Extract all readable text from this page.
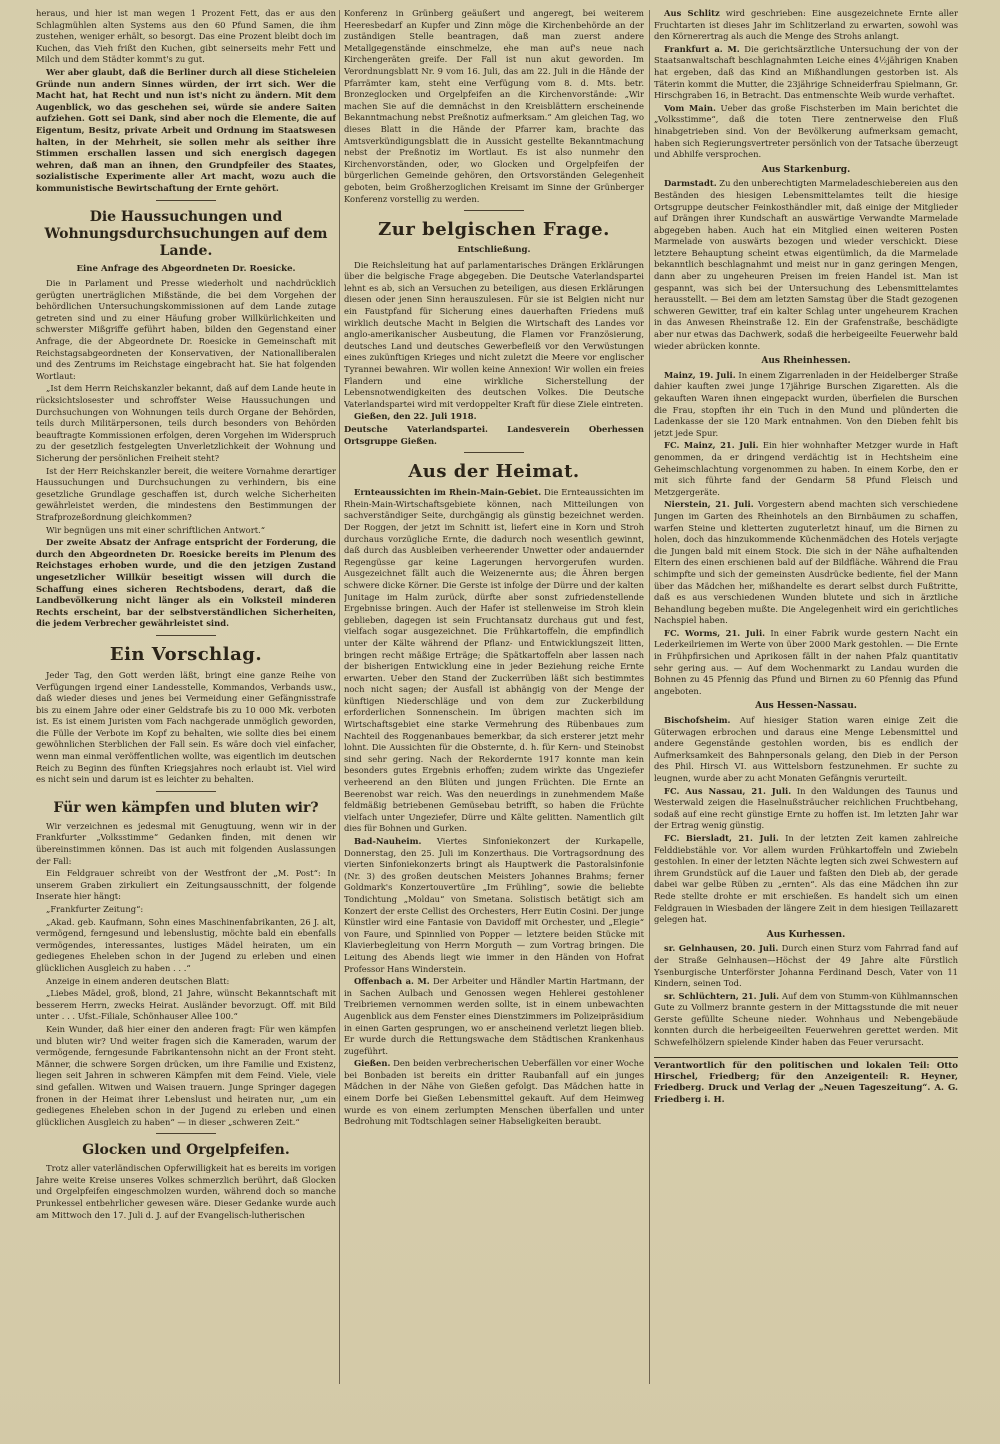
heraus, und hier ist man wegen 1 Prozent Fett, das er aus den Schlagmühlen alten Systems aus den 60 Pfund Samen, die ihm zustehen, weniger erhält, so besorgt. Das eine Prozent bleibt doch im Kuchen, das Vieh frißt den Kuchen, gibt seinerseits mehr Fett und Milch und dem Städter kommt's zu gut.

Wer aber glaubt, daß die Berliner durch all diese Sticheleien Gründe nun andern Sinnes würden, der irrt sich. Wer die Macht hat, hat Recht und nun ist's nicht zu ändern. Mit dem Augenblick, wo das geschehen sei, würde sie andere Saiten aufziehen. Gott sei Dank, sind aber noch die Elemente, die auf Eigentum, Besitz, private Arbeit und Ordnung im Staatswesen halten, in der Mehrheit, sie sollen mehr als seither ihre Stimmen erschallen lassen und sich energisch dagegen wehren, daß man an ihnen, den Grundpfeiler des Staates, sozialistische Experimente aller Art macht, wozu auch die kommunistische Bewirtschaftung der Ernte gehört.

Die Haussuchungen und Wohnungsdurchsuchungen auf dem Lande.
Eine Anfrage des Abgeordneten Dr. Roesicke.

Die in Parlament und Presse wiederholt und nachdrücklich gerügten unerträglichen Mißstände, die bei dem Vorgehen der behördlichen Untersuchungskommissionen auf dem Lande zutage getreten sind und zu einer Häufung grober Willkürlichkeiten und schwerster Mißgriffe geführt haben, bilden den Gegenstand einer Anfrage, die der Abgeordnete Dr. Roesicke in Gemeinschaft mit Reichstagsabgeordneten der Konservativen, der Nationalliberalen und des Zentrums im Reichstage eingebracht hat. Sie hat folgenden Wortlaut:

„Ist dem Herrn Reichskanzler bekannt, daß auf dem Lande heute in rücksichtslosester und schroffster Weise Haussuchungen und Durchsuchungen von Wohnungen teils durch Organe der Behörden, teils durch Militärpersonen, teils durch besonders von Behörden beauftragte Kommissionen erfolgen, deren Vorgehen im Widerspruch zu der gesetzlich festgelegten Unverletzlichkeit der Wohnung und Sicherung der persönlichen Freiheit steht?

Ist der Herr Reichskanzler bereit, die weitere Vornahme derartiger Haussuchungen und Durchsuchungen zu verhindern, bis eine gesetzliche Grundlage geschaffen ist, durch welche Sicherheiten gewährleistet werden, die mindestens den Bestimmungen der Strafprozeßordnung gleichkommen?

Wir begnügen uns mit einer schriftlichen Antwort.“

Der zweite Absatz der Anfrage entspricht der Forderung, die durch den Abgeordneten Dr. Roesicke bereits im Plenum des Reichstages erhoben wurde, und die den jetzigen Zustand ungesetzlicher Willkür beseitigt wissen will durch die Schaffung eines sicheren Rechtsbodens, derart, daß die Landbevölkerung nicht länger als ein Volksteil minderen Rechts erscheint, bar der selbstverständlichen Sicherheiten, die jedem Verbrecher gewährleistet sind.

Ein Vorschlag.

Jeder Tag, den Gott werden läßt, bringt eine ganze Reihe von Verfügungen irgend einer Landesstelle, Kommandos, Verbands usw., daß wieder dieses und jenes bei Vermeidung einer Gefängnisstrafe bis zu einem Jahre oder einer Geldstrafe bis zu 10 000 Mk. verboten ist. Es ist einem Juristen vom Fach nachgerade unmöglich geworden, die Fülle der Verbote im Kopf zu behalten, wie sollte dies bei einem gewöhnlichen Sterblichen der Fall sein. Es wäre doch viel einfacher, wenn man einmal veröffentlichen wollte, was eigentlich im deutschen Reich zu Beginn des fünften Kriegsjahres noch erlaubt ist. Viel wird es nicht sein und darum ist es leichter zu behalten.

Für wen kämpfen und bluten wir?

Wir verzeichnen es jedesmal mit Genugtuung, wenn wir in der Frankfurter „Volksstimme“ Gedanken finden, mit denen wir übereinstimmen können. Das ist auch mit folgenden Auslassungen der Fall:

Ein Feldgrauer schreibt von der Westfront der „M. Post“: In unserem Graben zirkuliert ein Zeitungsausschnitt, der folgende Inserate hier hängt:

„Frankfurter Zeitung“:

„Akad. geb. Kaufmann, Sohn eines Maschinenfabrikanten, 26 J. alt, vermögend, ferngesund und lebenslustig, möchte bald ein ebenfalls vermögendes, interessantes, lustiges Mädel heiraten, um ein gediegenes Eheleben schon in der Jugend zu erleben und einen glücklichen Ausgleich zu haben . . .“

Anzeige in einem anderen deutschen Blatt:

„Liebes Mädel, groß, blond, 21 Jahre, wünscht Bekanntschaft mit besserem Herrn, zwecks Heirat. Ausländer bevorzugt. Off. mit Bild unter . . . Ufst.-Filiale, Schönhauser Allee 100.“

Kein Wunder, daß hier einer den anderen fragt: Für wen kämpfen und bluten wir? Und weiter fragen sich die Kameraden, warum der vermögende, ferngesunde Fabrikantensohn nicht an der Front steht. Männer, die schwere Sorgen drücken, um ihre Familie und Existenz, liegen seit Jahren in schweren Kämpfen mit dem Feind. Viele, viele sind gefallen. Witwen und Waisen trauern. Junge Springer dagegen fronen in der Heimat ihrer Lebenslust und heiraten nur, „um ein gediegenes Eheleben schon in der Jugend zu erleben und einen glücklichen Ausgleich zu haben“ — in dieser „schweren Zeit.“

Glocken und Orgelpfeifen.

Trotz aller vaterländischen Opferwilligkeit hat es bereits im vorigen Jahre weite Kreise unseres Volkes schmerzlich berührt, daß Glocken und Orgelpfeifen eingeschmolzen wurden, während doch so manche Prunkessel entbehrlicher gewesen wäre. Dieser Gedanke wurde auch am Mittwoch den 17. Juli d. J. auf der Evangelisch-lutherischen

Konferenz in Grünberg geäußert und angeregt, bei weiterem Heeresbedarf an Kupfer und Zinn möge die Kirchenbehörde an der zuständigen Stelle beantragen, daß man zuerst andere Metallgegenstände einschmelze, ehe man auf's neue nach Kirchengeräten greife. Der Fall ist nun akut geworden. Im Verordnungsblatt Nr. 9 vom 16. Juli, das am 22. Juli in die Hände der Pfarrämter kam, steht eine Verfügung vom 8. d. Mts. betr. Bronzeglocken und Orgelpfeifen an die Kirchenvorstände: „Wir machen Sie auf die demnächst in den Kreisblättern erscheinende Bekanntmachung nebst Preßnotiz aufmerksam.“ Am gleichen Tag, wo dieses Blatt in die Hände der Pfarrer kam, brachte das Amtsverkündigungsblatt die in Aussicht gestellte Bekanntmachung nebst der Preßnotiz im Wortlaut. Es ist also nunmehr den Kirchenvorständen, oder, wo Glocken und Orgelpfeifen der bürgerlichen Gemeinde gehören, den Ortsvorständen Gelegenheit geboten, beim Großherzoglichen Kreisamt im Sinne der Grünberger Konferenz vorstellig zu werden.

Zur belgischen Frage.
Entschließung.

Die Reichsleitung hat auf parlamentarisches Drängen Erklärungen über die belgische Frage abgegeben. Die Deutsche Vaterlandspartei lehnt es ab, sich an Versuchen zu beteiligen, aus diesen Erklärungen diesen oder jenen Sinn herauszulesen. Für sie ist Belgien nicht nur ein Faustpfand für Sicherung eines dauerhaften Friedens muß wirklich deutsche Macht in Belgien die Wirtschaft des Landes vor anglo-amerikanischer Ausbeutung, die Flamen vor Französierung, deutsches Land und deutsches Gewerbefleiß vor den Verwüstungen eines zukünftigen Krieges und nicht zuletzt die Meere vor englischer Tyrannei bewahren. Wir wollen keine Annexion! Wir wollen ein freies Flandern und eine wirkliche Sicherstellung der Lebensnotwendigkeiten des deutschen Volkes. Die Deutsche Vaterlandspartei wird mit verdoppelter Kraft für diese Ziele eintreten.

Gießen, den 22. Juli 1918.

Deutsche Vaterlandspartei. Landesverein Oberhessen Ortsgruppe Gießen.

Aus der Heimat.

Ernteaussichten im Rhein-Main-Gebiet. Die Ernteaussichten im Rhein-Main-Wirtschaftsgebiete können, nach Mitteilungen von sachverständiger Seite, durchgängig als günstig bezeichnet werden. Der Roggen, der jetzt im Schnitt ist, liefert eine in Korn und Stroh durchaus vorzügliche Ernte, die dadurch noch wesentlich gewinnt, daß durch das Ausbleiben verheerender Unwetter oder andauernder Regengüsse gar keine Lagerungen hervorgerufen wurden. Ausgezeichnet fällt auch die Weizenernte aus; die Ähren bergen schwere dicke Körner. Die Gerste ist infolge der Dürre und der kalten Junitage im Halm zurück, dürfte aber sonst zufriedenstellende Ergebnisse bringen. Auch der Hafer ist stellenweise im Stroh klein geblieben, dagegen ist sein Fruchtansatz durchaus gut und fest, vielfach sogar ausgezeichnet. Die Frühkartoffeln, die empfindlich unter der Kälte während der Pflanz- und Entwicklungszeit litten, bringen recht mäßige Erträge; die Spätkartoffeln aber lassen nach der bisherigen Entwicklung eine in jeder Beziehung reiche Ernte erwarten. Ueber den Stand der Zuckerrüben läßt sich bestimmtes noch nicht sagen; der Ausfall ist abhängig von der Menge der künftigen Niederschläge und von dem zur Zuckerbildung erforderlichen Sonnenschein. Im übrigen machten sich im Wirtschaftsgebiet eine starke Vermehrung des Rübenbaues zum Nachteil des Roggenanbaues bemerkbar, da sich ersterer jetzt mehr lohnt. Die Aussichten für die Obsternte, d. h. für Kern- und Steinobst sind sehr gering. Nach der Rekordernte 1917 konnte man kein besonders gutes Ergebnis erhoffen; zudem wirkte das Ungeziefer verheerend an den Blüten und jungen Früchten. Die Ernte an Beerenobst war reich. Was den neuerdings in zunehmendem Maße feldmäßig betriebenen Gemüsebau betrifft, so haben die Früchte vielfach unter Ungeziefer, Dürre und Kälte gelitten. Namentlich gilt dies für Bohnen und Gurken.

Bad-Nauheim. Viertes Sinfoniekonzert der Kurkapelle, Donnerstag, den 25. Juli im Konzerthaus. Die Vortragsordnung des vierten Sinfoniekonzerts bringt als Hauptwerk die Pastoralsinfonie (Nr. 3) des großen deutschen Meisters Johannes Brahms; ferner Goldmark's Konzertouvertüre „Im Frühling“, sowie die beliebte Tondichtung „Moldau“ von Smetana. Solistisch betätigt sich am Konzert der erste Cellist des Orchesters, Herr Eutin Cosini. Der junge Künstler wird eine Fantasie von Davidoff mit Orchester, und „Elegie“ von Faure, und Spinnlied von Popper — letztere beiden Stücke mit Klavierbegleitung von Herrn Morguth — zum Vortrag bringen. Die Leitung des Abends liegt wie immer in den Händen von Hofrat Professor Hans Winderstein.

Offenbach a. M. Der Arbeiter und Händler Martin Hartmann, der in Sachen Aulbach und Genossen wegen Hehlerei gestohlener Treibriemen vernommen werden sollte, ist in einem unbewachten Augenblick aus dem Fenster eines Dienstzimmers im Polizeipräsidium in einen Garten gesprungen, wo er anscheinend verletzt liegen blieb. Er wurde durch die Rettungswache dem Städtischen Krankenhaus zugeführt.

Gießen. Den beiden verbrecherischen Ueberfällen vor einer Woche bei Bonbaden ist bereits ein dritter Raubanfall auf ein junges Mädchen in der Nähe von Gießen gefolgt. Das Mädchen hatte in einem Dorfe bei Gießen Lebensmittel gekauft. Auf dem Heimweg wurde es von einem zerlumpten Menschen überfallen und unter Bedrohung mit Todtschlagen seiner Habseligkeiten beraubt.

Aus Schlitz wird geschrieben: Eine ausgezeichnete Ernte aller Fruchtarten ist dieses Jahr im Schlitzerland zu erwarten, sowohl was den Körnerertrag als auch die Menge des Strohs anlangt.

Frankfurt a. M. Die gerichtsärztliche Untersuchung der von der Staatsanwaltschaft beschlagnahmten Leiche eines 4½jährigen Knaben hat ergeben, daß das Kind an Mißhandlungen gestorben ist. Als Täterin kommt die Mutter, die 23jährige Schneiderfrau Spielmann, Gr. Hirschgraben 16, in Betracht. Das entmenschte Weib wurde verhaftet.

Vom Main. Ueber das große Fischsterben im Main berichtet die „Volksstimme“, daß die toten Tiere zentnerweise den Fluß hinabgetrieben sind. Von der Bevölkerung aufmerksam gemacht, haben sich Regierungsvertreter persönlich von der Tatsache überzeugt und Abhilfe versprochen.

Aus Starkenburg.

Darmstadt. Zu den unberechtigten Marmeladeschiebereien aus den Beständen des hiesigen Lebensmittelamtes teilt die hiesige Ortsgruppe deutscher Feinkosthändler mit, daß einige der Mitglieder auf Drängen ihrer Kundschaft an auswärtige Verwandte Marmelade abgegeben haben. Auch hat ein Mitglied einen weiteren Posten Marmelade von auswärts bezogen und wieder verschickt. Diese letztere Behauptung scheint etwas eigentümlich, da die Marmelade bekanntlich beschlagnahmt und meist nur in ganz geringen Mengen, dann aber zu ungeheuren Preisen im freien Handel ist. Man ist gespannt, was sich bei der Untersuchung des Lebensmittelamtes herausstellt. — Bei dem am letzten Samstag über die Stadt gezogenen schweren Gewitter, traf ein kalter Schlag unter ungeheurem Krachen in das Anwesen Rheinstraße 12. Ein der Grafenstraße, beschädigte aber nur etwas das Dachwerk, sodaß die herbeigeeilte Feuerwehr bald wieder abrücken konnte.

Aus Rheinhessen.

Mainz, 19. Juli. In einem Zigarrenladen in der Heidelberger Straße dahier kauften zwei junge 17jährige Burschen Zigaretten. Als die gekauften Waren ihnen eingepackt wurden, überfielen die Burschen die Frau, stopften ihr ein Tuch in den Mund und plünderten die Ladenkasse der sie 120 Mark entnahmen. Von den Dieben fehlt bis jetzt jede Spur.

FC. Mainz, 21. Juli. Ein hier wohnhafter Metzger wurde in Haft genommen, da er dringend verdächtig ist in Hechtsheim eine Geheimschlachtung vorgenommen zu haben. In einem Korbe, den er mit sich führte fand der Gendarm 58 Pfund Fleisch und Metzgergeräte.

Nierstein, 21. Juli. Vorgestern abend machten sich verschiedene Jungen im Garten des Rheinhotels an den Birnbäumen zu schaffen, warfen Steine und kletterten zuguterletzt hinauf, um die Birnen zu holen, doch das hinzukommende Küchenmädchen des Hotels verjagte die Jungen bald mit einem Stock. Die sich in der Nähe aufhaltenden Eltern des einen erschienen bald auf der Bildfläche. Während die Frau schimpfte und sich der gemeinsten Ausdrücke bediente, fiel der Mann über das Mädchen her, mißhandelte es derart selbst durch Fußtritte, daß es aus verschiedenen Wunden blutete und sich in ärztliche Behandlung begeben mußte. Die Angelegenheit wird ein gerichtliches Nachspiel haben.

FC. Worms, 21. Juli. In einer Fabrik wurde gestern Nacht ein Lederkeilriemen im Werte von über 2000 Mark gestohlen. — Die Ernte in Frühpfirsichen und Aprikosen fällt in der nahen Pfalz quantitativ sehr gering aus. — Auf dem Wochenmarkt zu Landau wurden die Bohnen zu 45 Pfennig das Pfund und Birnen zu 60 Pfennig das Pfund angeboten.

Aus Hessen-Nassau.

Bischofsheim. Auf hiesiger Station waren einige Zeit die Güterwagen erbrochen und daraus eine Menge Lebensmittel und andere Gegenstände gestohlen worden, bis es endlich der Aufmerksamkeit des Bahnpersonals gelang, den Dieb in der Person des Phil. Hirsch VI. aus Wittelsborn festzunehmen. Er suchte zu leugnen, wurde aber zu acht Monaten Gefängnis verurteilt.

FC. Aus Nassau, 21. Juli. In den Waldungen des Taunus und Westerwald zeigen die Haselnußsträucher reichlichen Fruchtbehang, sodaß auf eine recht günstige Ernte zu hoffen ist. Im letzten Jahr war der Ertrag wenig günstig.

FC. Biersladt, 21. Juli. In der letzten Zeit kamen zahlreiche Felddiebstähle vor. Vor allem wurden Frühkartoffeln und Zwiebeln gestohlen. In einer der letzten Nächte legten sich zwei Schwestern auf ihrem Grundstück auf die Lauer und faßten den Dieb ab, der gerade dabei war gelbe Rüben zu „ernten“. Als das eine Mädchen ihn zur Rede stellte drohte er mit erschießen. Es handelt sich um einen Feldgrauen in Wiesbaden der längere Zeit in dem hiesigen Teillazarett gelegen hat.

Aus Kurhessen.

sr. Gelnhausen, 20. Juli. Durch einen Sturz vom Fahrrad fand auf der Straße Gelnhausen—Höchst der 49 Jahre alte Fürstlich Ysenburgische Unterförster Johanna Ferdinand Desch, Vater von 11 Kindern, seinen Tod.

sr. Schlüchtern, 21. Juli. Auf dem von Stumm-von Kühlmannschen Gute zu Vollmerz brannte gestern in der Mittagsstunde die mit neuer Gerste gefüllte Scheune nieder. Wohnhaus und Nebengebäude konnten durch die herbeigeeilten Feuerwehren gerettet werden. Mit Schwefelhölzern spielende Kinder haben das Feuer verursacht.

Verantwortlich für den politischen und lokalen Teil: Otto Hirschel, Friedberg; für den Anzeigenteil: R. Heyner, Friedberg. Druck und Verlag der „Neuen Tageszeitung“. A. G. Friedberg i. H.
